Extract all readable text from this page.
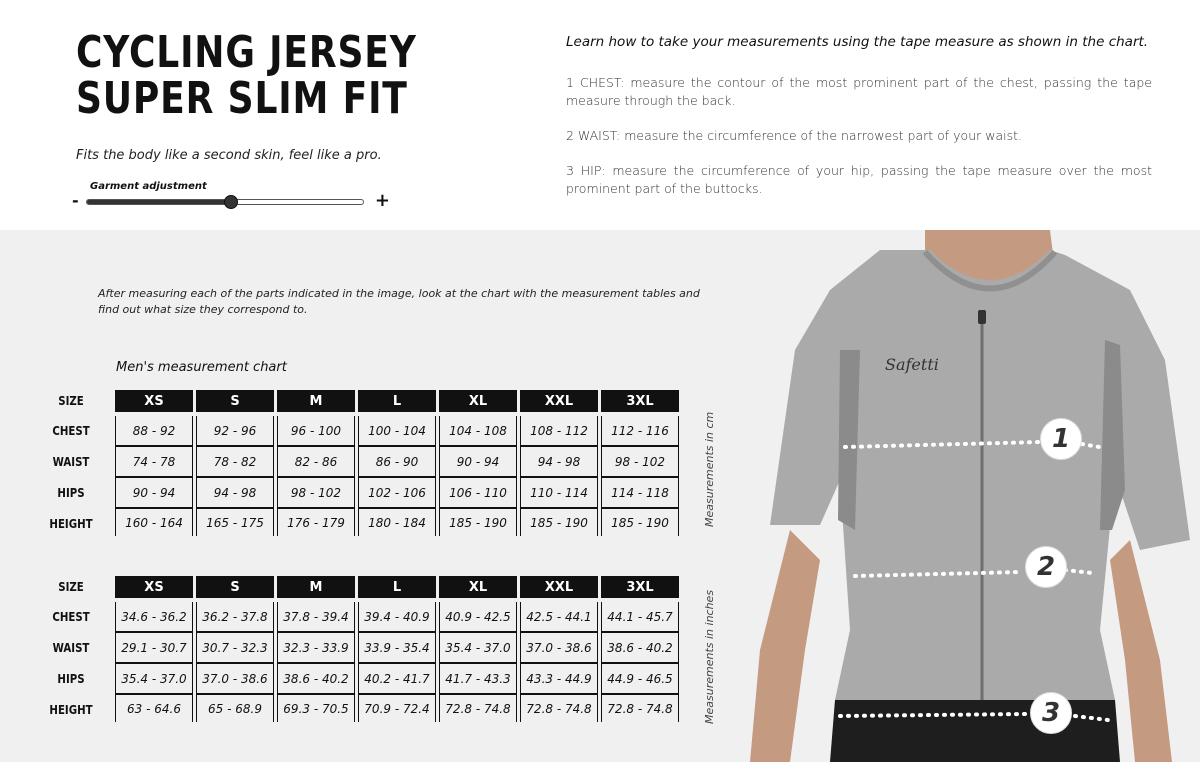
CYCLING JERSEY
SUPER SLIM FIT
Fits the body like a second skin, feel like a pro.
Garment adjustment
-	+
Learn how to take your measurements using the tape measure as shown in the chart.

1 CHEST: measure the contour of the most prominent part of the chest, passing the tape measure through the back.

2 WAIST: measure the circumference of the narrowest part of your waist.

3 HIP: measure the circumference of your hip, passing the tape measure over the most prominent part of the buttocks.

After measuring each of the parts indicated in the image, look at the chart with the measurement tables and find out what size they correspond to.
Men's measurement chart
SIZE	XS	S	M	L	XL	XXL	3XL
CHEST	88 - 92	92 - 96	96 - 100	100 - 104	104 - 108	108 - 112	112 - 116
WAIST	74 - 78	78 - 82	82 - 86	86 - 90	90 - 94	94 - 98	98 - 102
HIPS	90 - 94	94 - 98	98 - 102	102 - 106	106 - 110	110 - 114	114 - 118
HEIGHT	160 - 164	165 - 175	176 - 179	180 - 184	185 - 190	185 - 190	185 - 190
SIZE	XS	S	M	L	XL	XXL	3XL
CHEST	34.6 - 36.2	36.2 - 37.8	37.8 - 39.4	39.4 - 40.9	40.9 - 42.5	42.5 - 44.1	44.1 - 45.7
WAIST	29.1 - 30.7	30.7 - 32.3	32.3 - 33.9	33.9 - 35.4	35.4 - 37.0	37.0 - 38.6	38.6 - 40.2
HIPS	35.4 - 37.0	37.0 - 38.6	38.6 - 40.2	40.2 - 41.7	41.7 - 43.3	43.3 - 44.9	44.9 - 46.5
HEIGHT	63 - 64.6	65 - 68.9	69.3 - 70.5	70.9 - 72.4	72.8 - 74.8	72.8 - 74.8	72.8 - 74.8
Measurements in cm
Measurements in inches
Safetti
1
2
3
